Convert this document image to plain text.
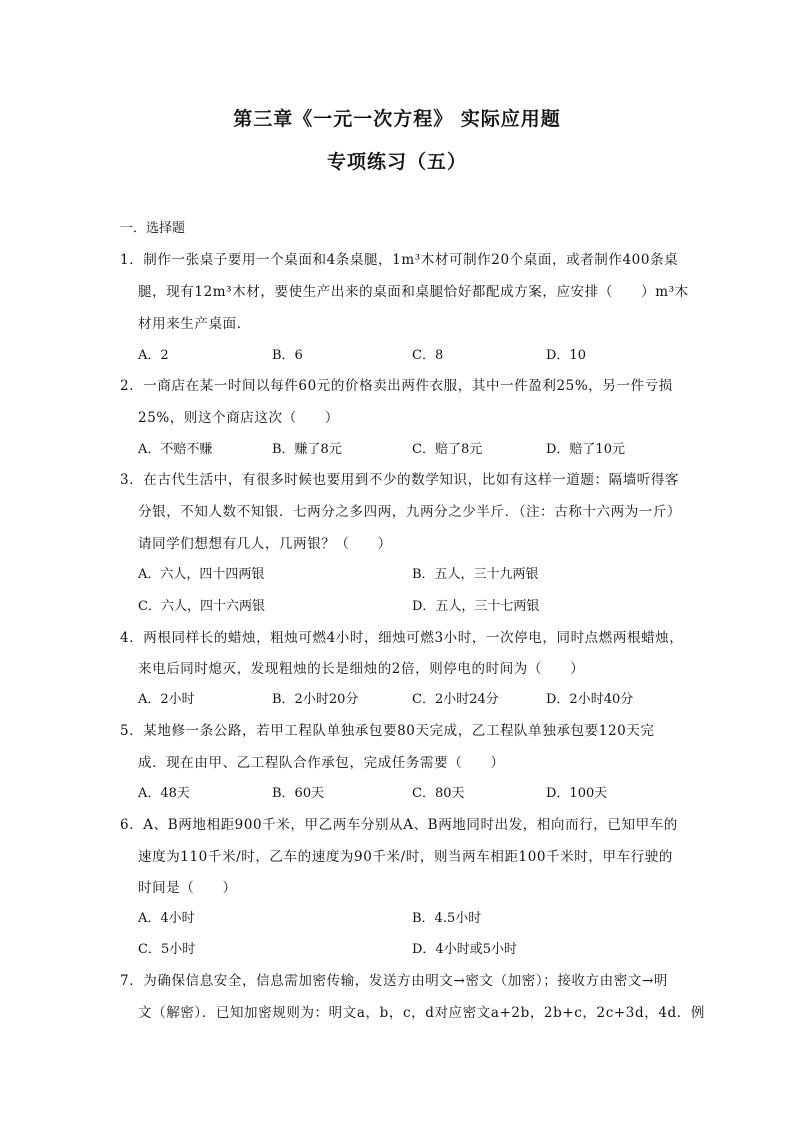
第三章《一元一次方程》 实际应用题
专项练习（五）
一．选择题
1．制作一张桌子要用一个桌面和4条桌腿，1m³木材可制作20个桌面，或者制作400条桌
腿，现有12m³木材，要使生产出来的桌面和桌腿恰好都配成方案，应安排（　　）m³木
材用来生产桌面．
A．2	B．6	C．8	D．10
2．一商店在某一时间以每件60元的价格卖出两件衣服，其中一件盈利25%，另一件亏损
25%，则这个商店这次（　　）
A．不赔不赚	B．赚了8元	C．赔了8元	D．赔了10元
3．在古代生活中，有很多时候也要用到不少的数学知识，比如有这样一道题：隔墙听得客
分银，不知人数不知银．七两分之多四两，九两分之少半斤．（注：古称十六两为一斤）
请同学们想想有几人，几两银？（　　）
A．六人，四十四两银	B．五人，三十九两银
C．六人，四十六两银	D．五人，三十七两银
4．两根同样长的蜡烛，粗烛可燃4小时，细烛可燃3小时，一次停电，同时点燃两根蜡烛，
来电后同时熄灭，发现粗烛的长是细烛的2倍，则停电的时间为（　　）
A．2小时	B．2小时20分	C．2小时24分	D．2小时40分
5．某地修一条公路，若甲工程队单独承包要80天完成，乙工程队单独承包要120天完
成．现在由甲、乙工程队合作承包，完成任务需要（　　）
A．48天	B．60天	C．80天	D．100天
6．A、B两地相距900千米，甲乙两车分别从A、B两地同时出发，相向而行，已知甲车的
速度为110千米/时，乙车的速度为90千米/时，则当两车相距100千米时，甲车行驶的
时间是（　　）
A．4小时	B．4.5小时
C．5小时	D．4小时或5小时
7．为确保信息安全，信息需加密传输，发送方由明文→密文（加密）；接收方由密文→明
文（解密）．已知加密规则为：明文a，b，c，d对应密文a+2b，2b+c，2c+3d，4d．例
